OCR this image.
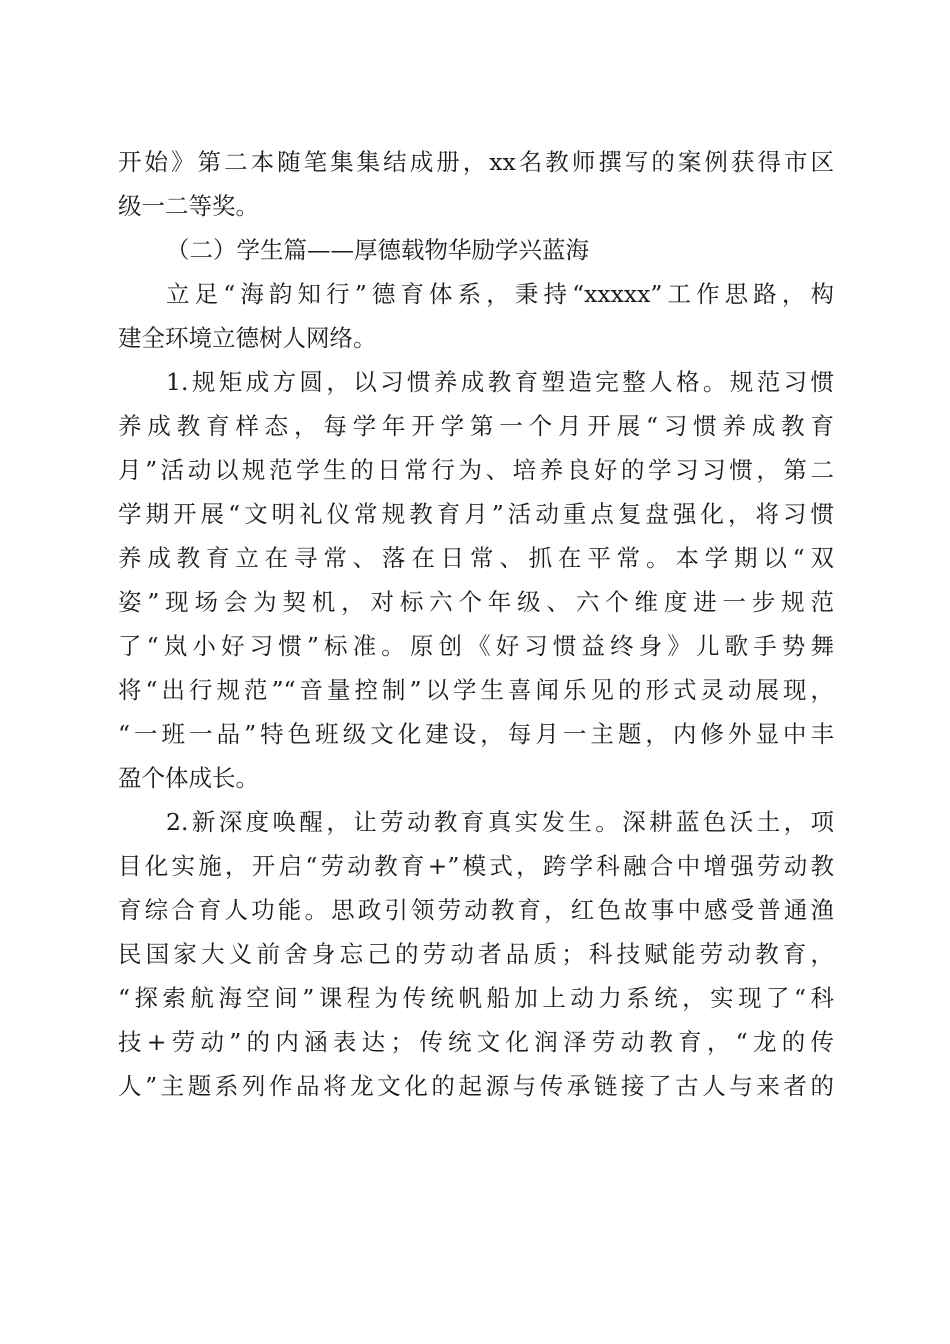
开始》第二本随笔集集结成册，xx名教师撰写的案例获得市区
级一二等奖。
（二）学生篇——厚德载物华励学兴蓝海
立足“海韵知行”德育体系，秉持“xxxxx”工作思路，构
建全环境立德树人网络。
1.规矩成方圆，以习惯养成教育塑造完整人格。规范习惯
养成教育样态，每学年开学第一个月开展“习惯养成教育
月”活动以规范学生的日常行为、培养良好的学习习惯，第二
学期开展“文明礼仪常规教育月”活动重点复盘强化，将习惯
养成教育立在寻常、落在日常、抓在平常。本学期以“双
姿”现场会为契机，对标六个年级、六个维度进一步规范
了“岚小好习惯”标准。原创《好习惯益终身》儿歌手势舞
将“出行规范”“音量控制”以学生喜闻乐见的形式灵动展现，
“一班一品”特色班级文化建设，每月一主题，内修外显中丰
盈个体成长。
2.新深度唤醒，让劳动教育真实发生。深耕蓝色沃土，项
目化实施，开启“劳动教育+”模式，跨学科融合中增强劳动教
育综合育人功能。思政引领劳动教育，红色故事中感受普通渔
民国家大义前舍身忘己的劳动者品质；科技赋能劳动教育，
“探索航海空间”课程为传统帆船加上动力系统，实现了“科
技+劳动”的内涵表达；传统文化润泽劳动教育，“龙的传
人”主题系列作品将龙文化的起源与传承链接了古人与来者的
